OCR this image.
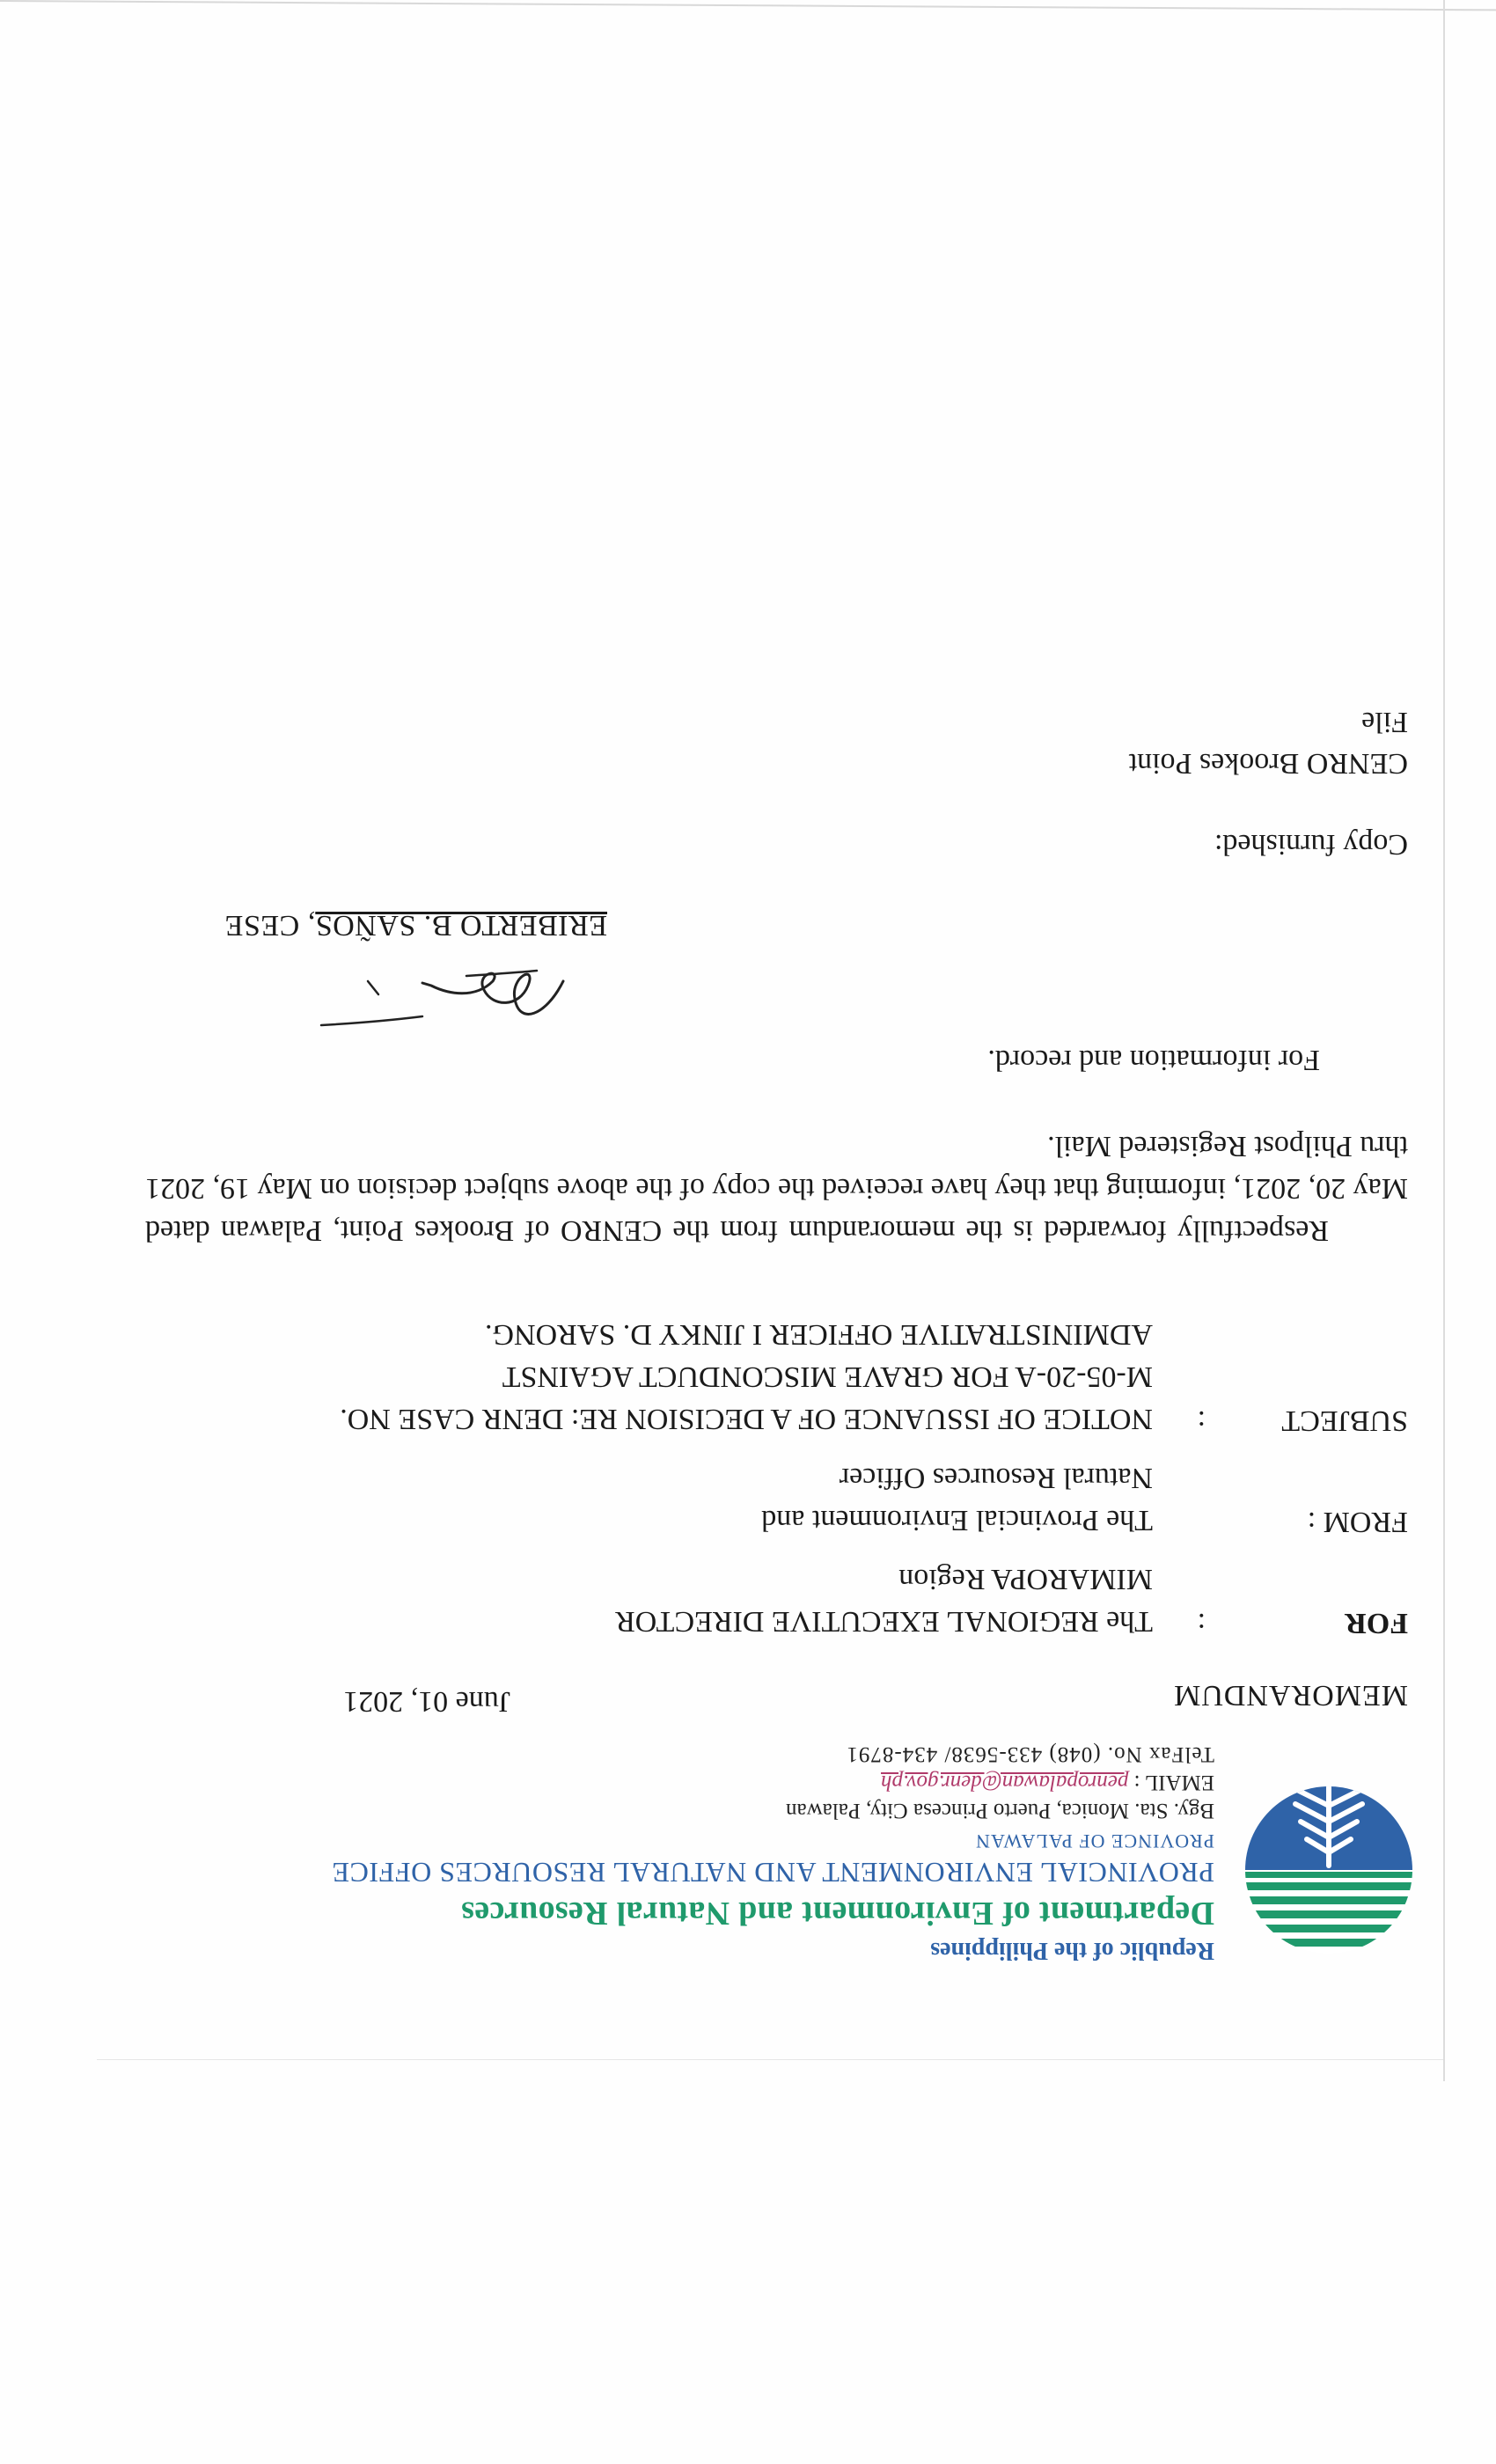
Republic of the Philippines
Department of Environment and Natural Resources
PROVINCIAL ENVIRONMENT AND NATURAL RESOURCES OFFICE
PROVINCE OF PALAWAN
Bgy. Sta. Monica, Puerto Princesa City, Palawan
EMAIL : penropalawan@denr.gov.ph
TelFax No. (048) 433-5638/ 434-8791
MEMORANDUM
June 01, 2021
FOR
:
The REGIONAL EXECUTIVE DIRECTOR
MIMAROPA Region
FROM :
The Provincial Environment and
Natural Resources Officer
SUBJECT
:
NOTICE OF ISSUANCE OF A DECISION RE: DENR CASE NO.
M-05-20-A FOR GRAVE MISCONDUCT AGAINST
ADMINISTRATIVE OFFICER I JINKY D. SARONG.
Respectfully forwarded is the memorandum from the CENRO of Brookes Point, Palawan dated May 20, 2021, informing that they have received the copy of the above subject decision on May 19, 2021 thru Philpost Registered Mail.
For information and record.
ERIBERTO B. SAÑOS, CESE
Copy furnished:
CENRO Brookes Point
File
